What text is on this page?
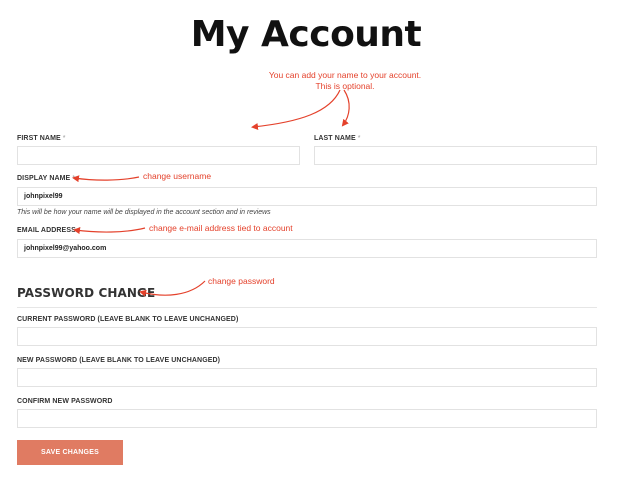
My Account
FIRST NAME *	LAST NAME *
DISPLAY NAME *
johnpixel99
This will be how your name will be displayed in the account section and in reviews
EMAIL ADDRESS *
johnpixel99@yahoo.com
PASSWORD CHANGE
CURRENT PASSWORD (LEAVE BLANK TO LEAVE UNCHANGED)
NEW PASSWORD (LEAVE BLANK TO LEAVE UNCHANGED)
CONFIRM NEW PASSWORD
SAVE CHANGES
You can add your name to your account.
This is optional.
change username
change e-mail address tied to account
change password
